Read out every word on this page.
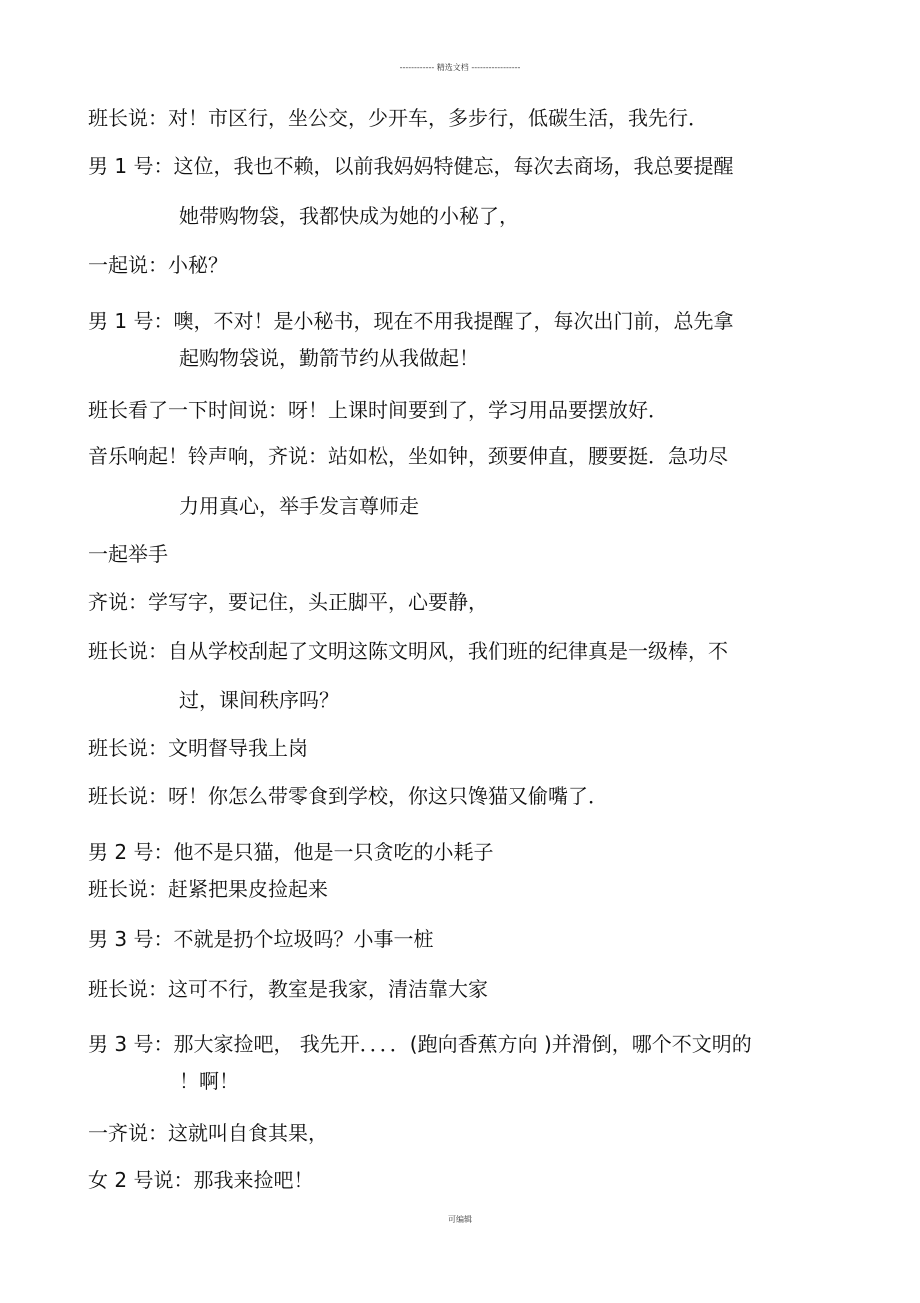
------------ 精选文档 -----------------
班长说：对！市区行，坐公交，少开车，多步行，低碳生活，我先行．
男 1 号：这位，我也不赖，以前我妈妈特健忘，每次去商场，我总要提醒
她带购物袋，我都快成为她的小秘了，
一起说：小秘？
男 1 号：噢，不对！是小秘书，现在不用我提醒了，每次出门前，总先拿
起购物袋说，勤箭节约从我做起！
班长看了一下时间说：呀！上课时间要到了，学习用品要摆放好．
音乐响起！铃声响，齐说：站如松，坐如钟，颈要伸直，腰要挺．急功尽
力用真心，举手发言尊师走
一起举手
齐说：学写字，要记住，头正脚平，心要静，
班长说：自从学校刮起了文明这陈文明风，我们班的纪律真是一级棒，不
过，课间秩序吗？
班长说：文明督导我上岗
班长说：呀！你怎么带零食到学校，你这只馋猫又偷嘴了．
男 2 号：他不是只猫，他是一只贪吃的小耗子
班长说：赶紧把果皮捡起来
男 3 号：不就是扔个垃圾吗？小事一桩
班长说：这可不行，教室是我家，清洁靠大家
男 3 号：那大家捡吧， 我先开．．．．(跑向香蕉方向 )并滑倒，哪个不文明的
！啊！
一齐说：这就叫自食其果，
女 2 号说：那我来捡吧！
可编辑
